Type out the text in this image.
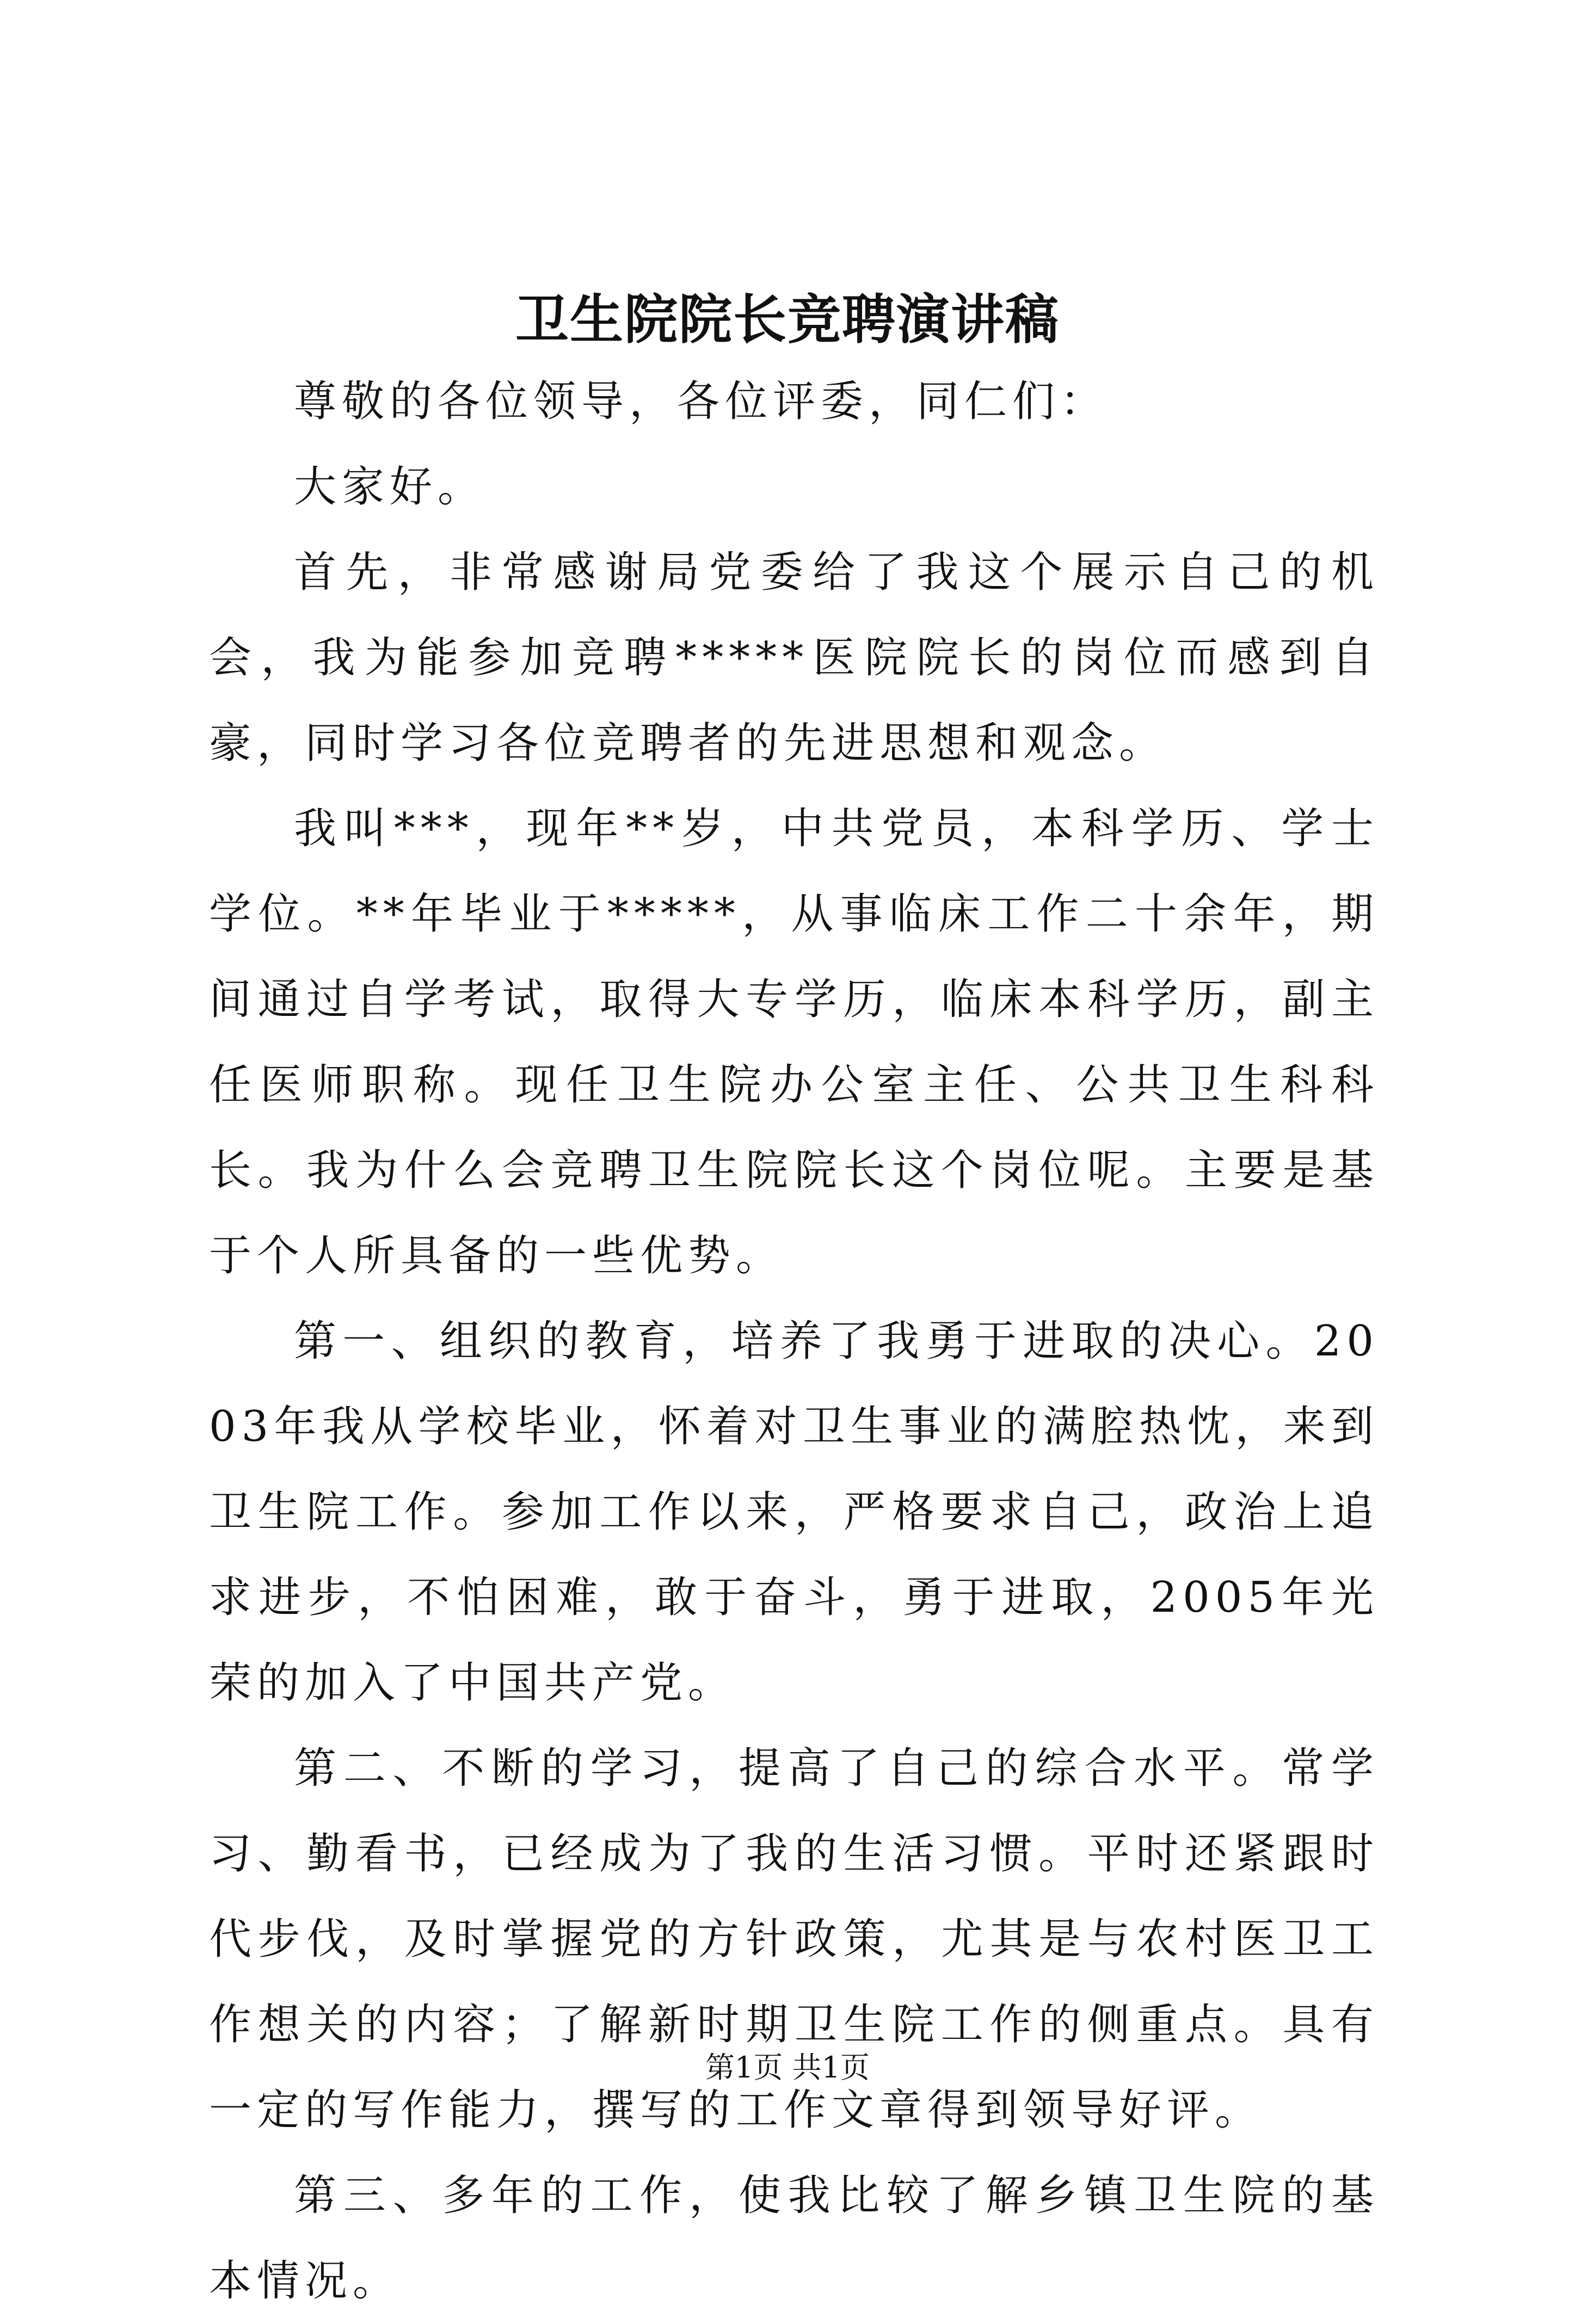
卫生院院长竞聘演讲稿

尊敬的各位领导，各位评委，同仁们：

大家好。

首先，非常感谢局党委给了我这个展示自己的机会，我为能参加竞聘*****医院院长的岗位而感到自豪，同时学习各位竞聘者的先进思想和观念。

我叫***，现年**岁，中共党员，本科学历、学士学位。**年毕业于*****，从事临床工作二十余年，期间通过自学考试，取得大专学历，临床本科学历，副主任医师职称。现任卫生院办公室主任、公共卫生科科长。我为什么会竞聘卫生院院长这个岗位呢。主要是基于个人所具备的一些优势。

第一、组织的教育，培养了我勇于进取的决心。2003年我从学校毕业，怀着对卫生事业的满腔热忱，来到卫生院工作。参加工作以来，严格要求自己，政治上追求进步，不怕困难，敢于奋斗，勇于进取，2005年光荣的加入了中国共产党。

第二、不断的学习，提高了自己的综合水平。常学习、勤看书，已经成为了我的生活习惯。平时还紧跟时代步伐，及时掌握党的方针政策，尤其是与农村医卫工作想关的内容；了解新时期卫生院工作的侧重点。具有一定的写作能力，撰写的工作文章得到领导好评。

第三、多年的工作，使我比较了解乡镇卫生院的基本情况。

第1页 共1页
